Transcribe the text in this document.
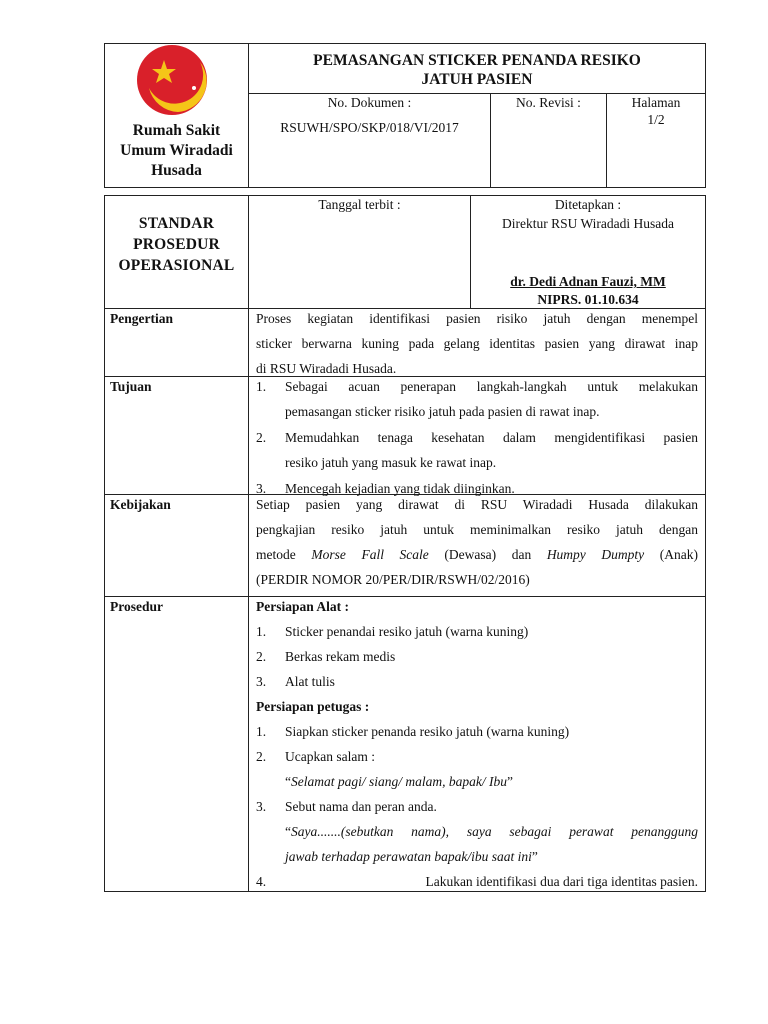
Rumah Sakit
Umum Wiradadi
Husada
PEMASANGAN STICKER PENANDA RESIKO
JATUH PASIEN
No. Dokumen :
RSUWH/SPO/SKP/018/VI/2017
No. Revisi :	Halaman
1/2
STANDAR
PROSEDUR
OPERASIONAL
Tanggal terbit :	Ditetapkan :
Direktur RSU Wiradadi Husada
dr. Dedi Adnan Fauzi, MM
NIPRS. 01.10.634
Pengertian	Proses kegiatan identifikasi pasien risiko jatuh dengan menempel
sticker berwarna kuning pada gelang identitas pasien yang dirawat inap
di RSU Wiradadi Husada.
Tujuan	1. Sebagai acuan penerapan langkah-langkah untuk melakukan
pemasangan sticker risiko jatuh pada pasien di rawat inap.
2. Memudahkan tenaga kesehatan dalam mengidentifikasi pasien
resiko jatuh yang masuk ke rawat inap.
3. Mencegah kejadian yang tidak diinginkan.
Kebijakan	Setiap pasien yang dirawat di RSU Wiradadi Husada dilakukan
pengkajian resiko jatuh untuk meminimalkan resiko jatuh dengan
metode Morse Fall Scale (Dewasa) dan Humpy Dumpty (Anak)
(PERDIR NOMOR 20/PER/DIR/RSWH/02/2016)
Prosedur	Persiapan Alat :
1. Sticker penandai resiko jatuh (warna kuning)
2. Berkas rekam medis
3. Alat tulis
Persiapan petugas :
1. Siapkan sticker penanda resiko jatuh (warna kuning)
2. Ucapkan salam :
“Selamat pagi/ siang/ malam, bapak/ Ibu”
3. Sebut nama dan peran anda.
“Saya.......(sebutkan nama), saya sebagai perawat penanggung
jawab terhadap perawatan bapak/ibu saat ini”
4.	Lakukan identifikasi dua dari tiga identitas pasien.
